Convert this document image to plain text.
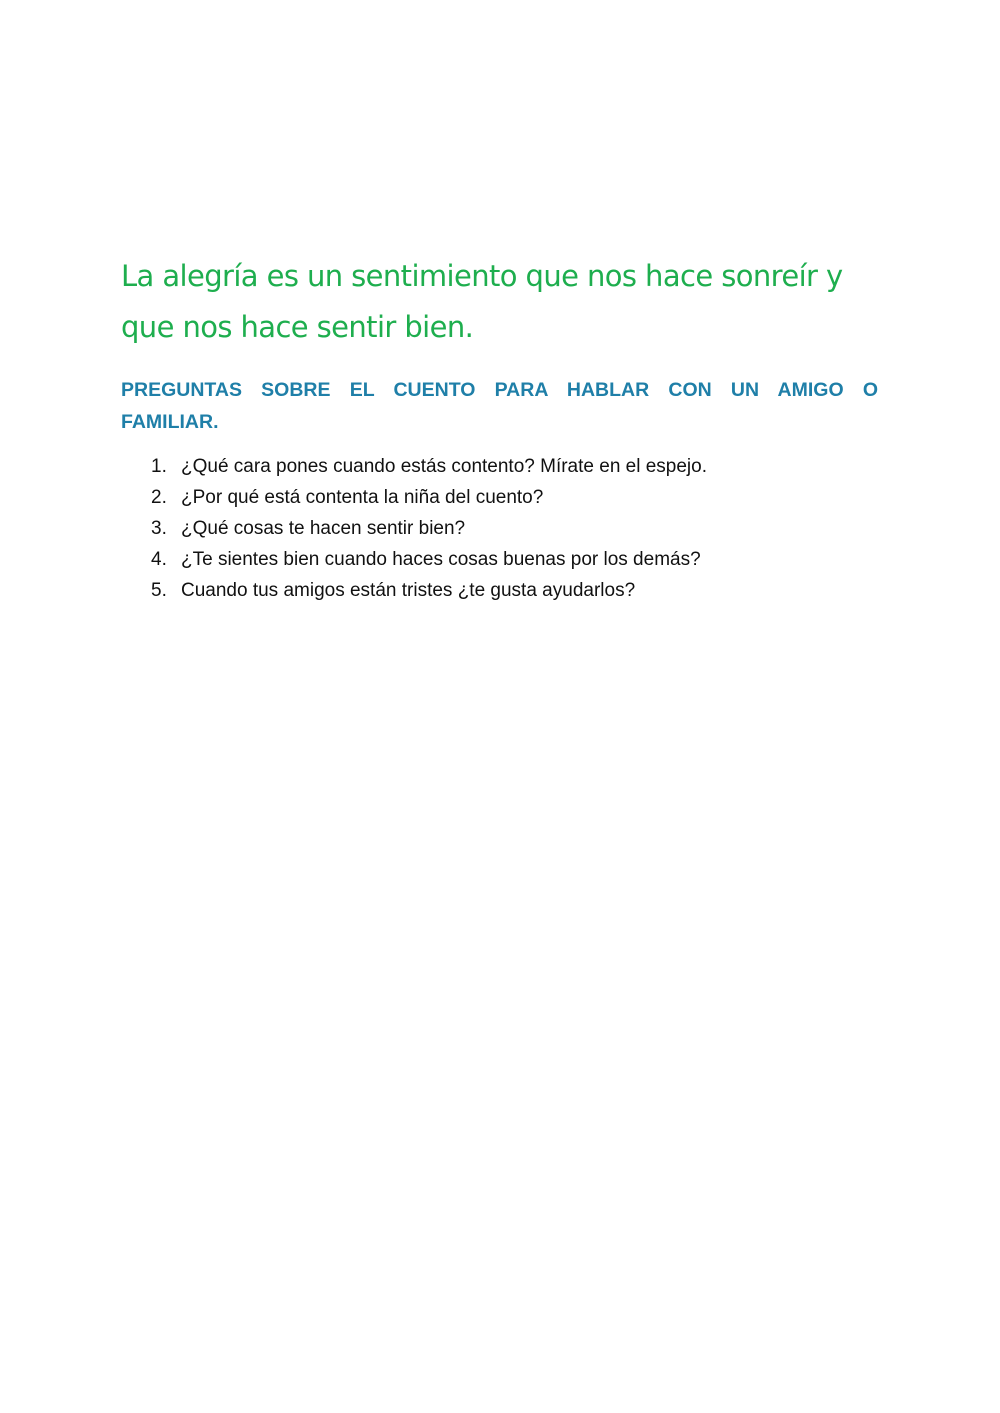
La alegría es un sentimiento que nos hace sonreír y que nos hace sentir bien.

PREGUNTAS SOBRE EL CUENTO PARA HABLAR CON UN AMIGO O FAMILIAR.

1. ¿Qué cara pones cuando estás contento? Mírate en el espejo.
2. ¿Por qué está contenta la niña del cuento?
3. ¿Qué cosas te hacen sentir bien?
4. ¿Te sientes bien cuando haces cosas buenas por los demás?
5. Cuando tus amigos están tristes ¿te gusta ayudarlos?
